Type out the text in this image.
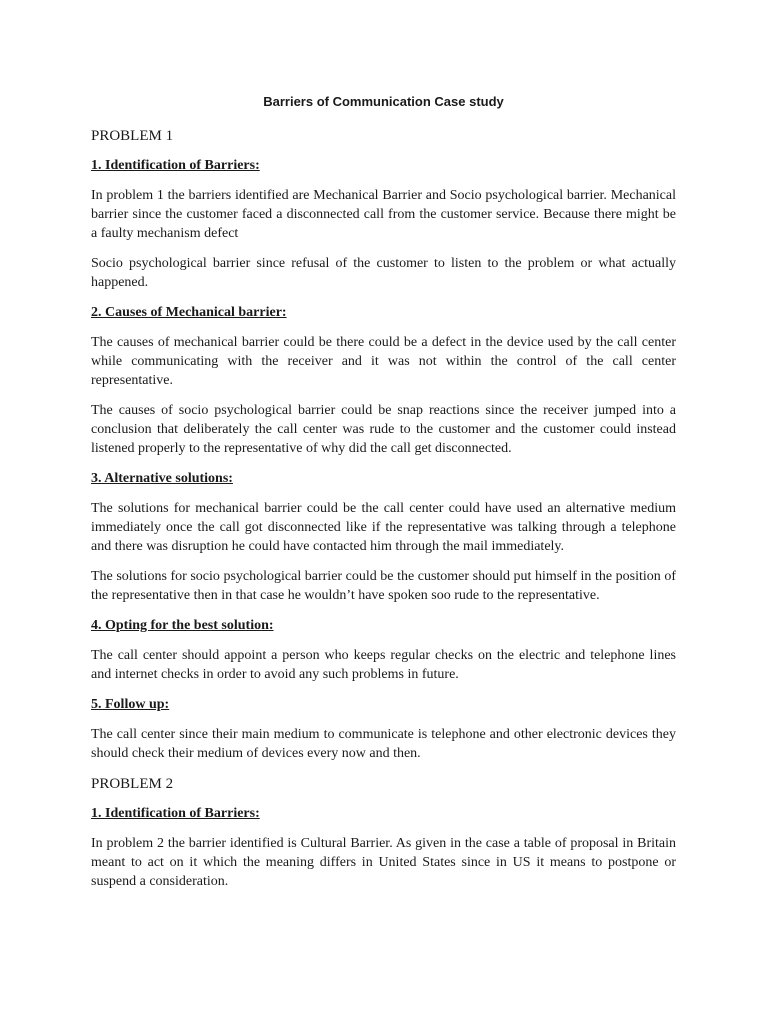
Barriers of Communication Case study
PROBLEM 1
1. Identification of Barriers:

In problem 1 the barriers identified are Mechanical Barrier and Socio psychological barrier. Mechanical barrier since the customer faced a disconnected call from the customer service. Because there might be a faulty mechanism defect

Socio psychological barrier since refusal of the customer to listen to the problem or what actually happened.

2. Causes of Mechanical barrier:

The causes of mechanical barrier could be there could be a defect in the device used by the call center while communicating with the receiver and it was not within the control of the call center representative.

The causes of socio psychological barrier could be snap reactions since the receiver jumped into a conclusion that deliberately the call center was rude to the customer and the customer could instead listened properly to the representative of why did the call get disconnected.

3. Alternative solutions:

The solutions for mechanical barrier could be the call center could have used an alternative medium immediately once the call got disconnected like if the representative was talking through a telephone and there was disruption he could have contacted him through the mail immediately.

The solutions for socio psychological barrier could be the customer should put himself in the position of the representative then in that case he wouldn’t have spoken soo rude to the representative.

4. Opting for the best solution:

The call center should appoint a person who keeps regular checks on the electric and telephone lines and internet checks in order to avoid any such problems in future.

5. Follow up:

The call center since their main medium to communicate is telephone and other electronic devices they should check their medium of devices every now and then.

PROBLEM 2
1. Identification of Barriers:

In problem 2 the barrier identified is Cultural Barrier. As given in the case a table of proposal in Britain meant to act on it which the meaning differs in United States since in US it means to postpone or suspend a consideration.
